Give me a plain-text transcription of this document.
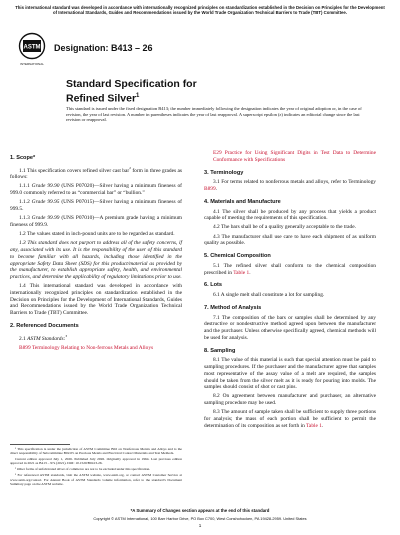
This international standard was developed in accordance with internationally recognized principles on standardization established in the Decision on Principles for the Development of International Standards, Guides and Recommendations issued by the World Trade Organization Technical Barriers to Trade (TBT) Committee.
ASTM
INTERNATIONAL
Designation: B413 – 26
Standard Specification for
Refined Silver$^1$
This standard is issued under the fixed designation B413; the number immediately following the designation indicates the year of original adoption or, in the case of revision, the year of last revision. A number in parentheses indicates the year of last reapproval. A superscript epsilon (ε) indicates an editorial change since the last revision or reapproval.
1. Scope*

1.1 This specification covers refined silver cast bar$^2$ form in three grades as follows:

1.1.1 Grade 99.90 (UNS P07020)—Silver having a minimum fineness of 999.0 commonly referred to as “commercial bar” or “bullion.”

1.1.2 Grade 99.95 (UNS P07015)—Silver having a minimum fineness of 999.5.

1.1.3 Grade 99.99 (UNS P07010)—A premium grade having a minimum fineness of 999.9.

1.2 The values stated in inch-pound units are to be regarded as standard.

1.3 This standard does not purport to address all of the safety concerns, if any, associated with its use. It is the responsibility of the user of this standard to become familiar with all hazards, including those identified in the appropriate Safety Data Sheet (SDS) for this product/material as provided by the manufacturer, to establish appropriate safety, health, and environmental practices, and determine the applicability of regulatory limitations prior to use.

1.4 This international standard was developed in accordance with internationally recognized principles on standardization established in the Decision on Principles for the Development of International Standards, Guides and Recommendations issued by the World Trade Organization Technical Barriers to Trade (TBT) Committee.

2. Referenced Documents

2.1 ASTM Standards:$^3$

B899 Terminology Relating to Non-ferrous Metals and Alloys

¹ This specification is under the jurisdiction of ASTM Committee B02 on Nonferrous Metals and Alloys and is the direct responsibility of Subcommittee B02.05 on Precious Metals and Electrical Contact Materials and Test Methods.

Current edition approved July 1, 2026. Published July 2026. Originally approved in 1964. Last previous edition approved in 2021 as B413 – 97a (2021). DOI: 10.1520/B0413-26.

² Other forms of unfabricated silver of commerce are not to be excluded under this specification.

³ For referenced ASTM standards, visit the ASTM website, www.astm.org, or contact ASTM Customer Service at www.astm.org/contact. For Annual Book of ASTM Standards volume information, refer to the standard’s Document Summary page on the ASTM website.

E29 Practice for Using Significant Digits in Test Data to Determine Conformance with Specifications

3. Terminology

3.1 For terms related to nonferrous metals and alloys, refer to Terminology B899.

4. Materials and Manufacture

4.1 The silver shall be produced by any process that yields a product capable of meeting the requirements of this specification.

4.2 The bars shall be of a quality generally acceptable to the trade.

4.3 The manufacturer shall use care to have each shipment of as uniform quality as possible.

5. Chemical Composition

5.1 The refined silver shall conform to the chemical composition prescribed in Table 1.

6. Lots

6.1 A single melt shall constitute a lot for sampling.

7. Method of Analysis

7.1 The composition of the bars or samples shall be determined by any destructive or nondestructive method agreed upon between the manufacturer and the purchaser. Unless otherwise specifically agreed, chemical methods will be used for analysis.

8. Sampling

8.1 The value of this material is such that special attention must be paid to sampling procedures. If the purchaser and the manufacturer agree that samples most representative of the assay value of a melt are required, the samples should be taken from the silver melt as it is ready for pouring into molds. The samples should consist of shot or cast pins.

8.2 On agreement between manufacturer and purchaser, an alternative sampling procedure may be used.

8.3 The amount of sample taken shall be sufficient to supply three portions for analysis; the mass of each portion shall be sufficient to permit the determination of its composition as set forth in Table 1.

*A Summary of Changes section appears at the end of this standard
Copyright © ASTM International, 100 Barr Harbor Drive, PO Box C700, West Conshohocken, PA 19428-2959. United States
1
